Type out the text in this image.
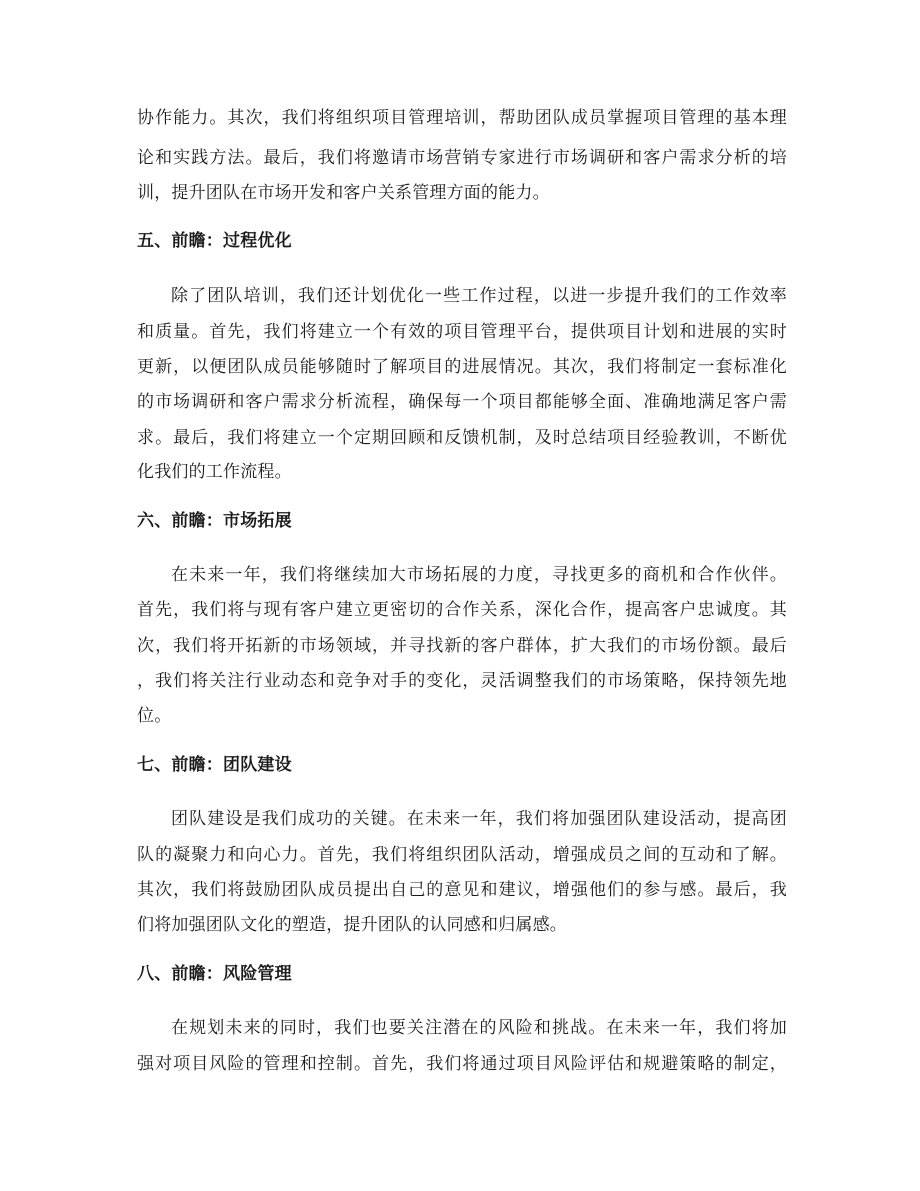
协作能力。其次，我们将组织项目管理培训，帮助团队成员掌握项目管理的基本理
论和实践方法。最后，我们将邀请市场营销专家进行市场调研和客户需求分析的培
训，提升团队在市场开发和客户关系管理方面的能力。
五、前瞻：过程优化
除了团队培训，我们还计划优化一些工作过程，以进一步提升我们的工作效率
和质量。首先，我们将建立一个有效的项目管理平台，提供项目计划和进展的实时
更新，以便团队成员能够随时了解项目的进展情况。其次，我们将制定一套标准化
的市场调研和客户需求分析流程，确保每一个项目都能够全面、准确地满足客户需
求。最后，我们将建立一个定期回顾和反馈机制，及时总结项目经验教训，不断优
化我们的工作流程。
六、前瞻：市场拓展
在未来一年，我们将继续加大市场拓展的力度，寻找更多的商机和合作伙伴。
首先，我们将与现有客户建立更密切的合作关系，深化合作，提高客户忠诚度。其
次，我们将开拓新的市场领域，并寻找新的客户群体，扩大我们的市场份额。最后
，我们将关注行业动态和竞争对手的变化，灵活调整我们的市场策略，保持领先地
位。
七、前瞻：团队建设
团队建设是我们成功的关键。在未来一年，我们将加强团队建设活动，提高团
队的凝聚力和向心力。首先，我们将组织团队活动，增强成员之间的互动和了解。
其次，我们将鼓励团队成员提出自己的意见和建议，增强他们的参与感。最后，我
们将加强团队文化的塑造，提升团队的认同感和归属感。
八、前瞻：风险管理
在规划未来的同时，我们也要关注潜在的风险和挑战。在未来一年，我们将加
强对项目风险的管理和控制。首先，我们将通过项目风险评估和规避策略的制定，
